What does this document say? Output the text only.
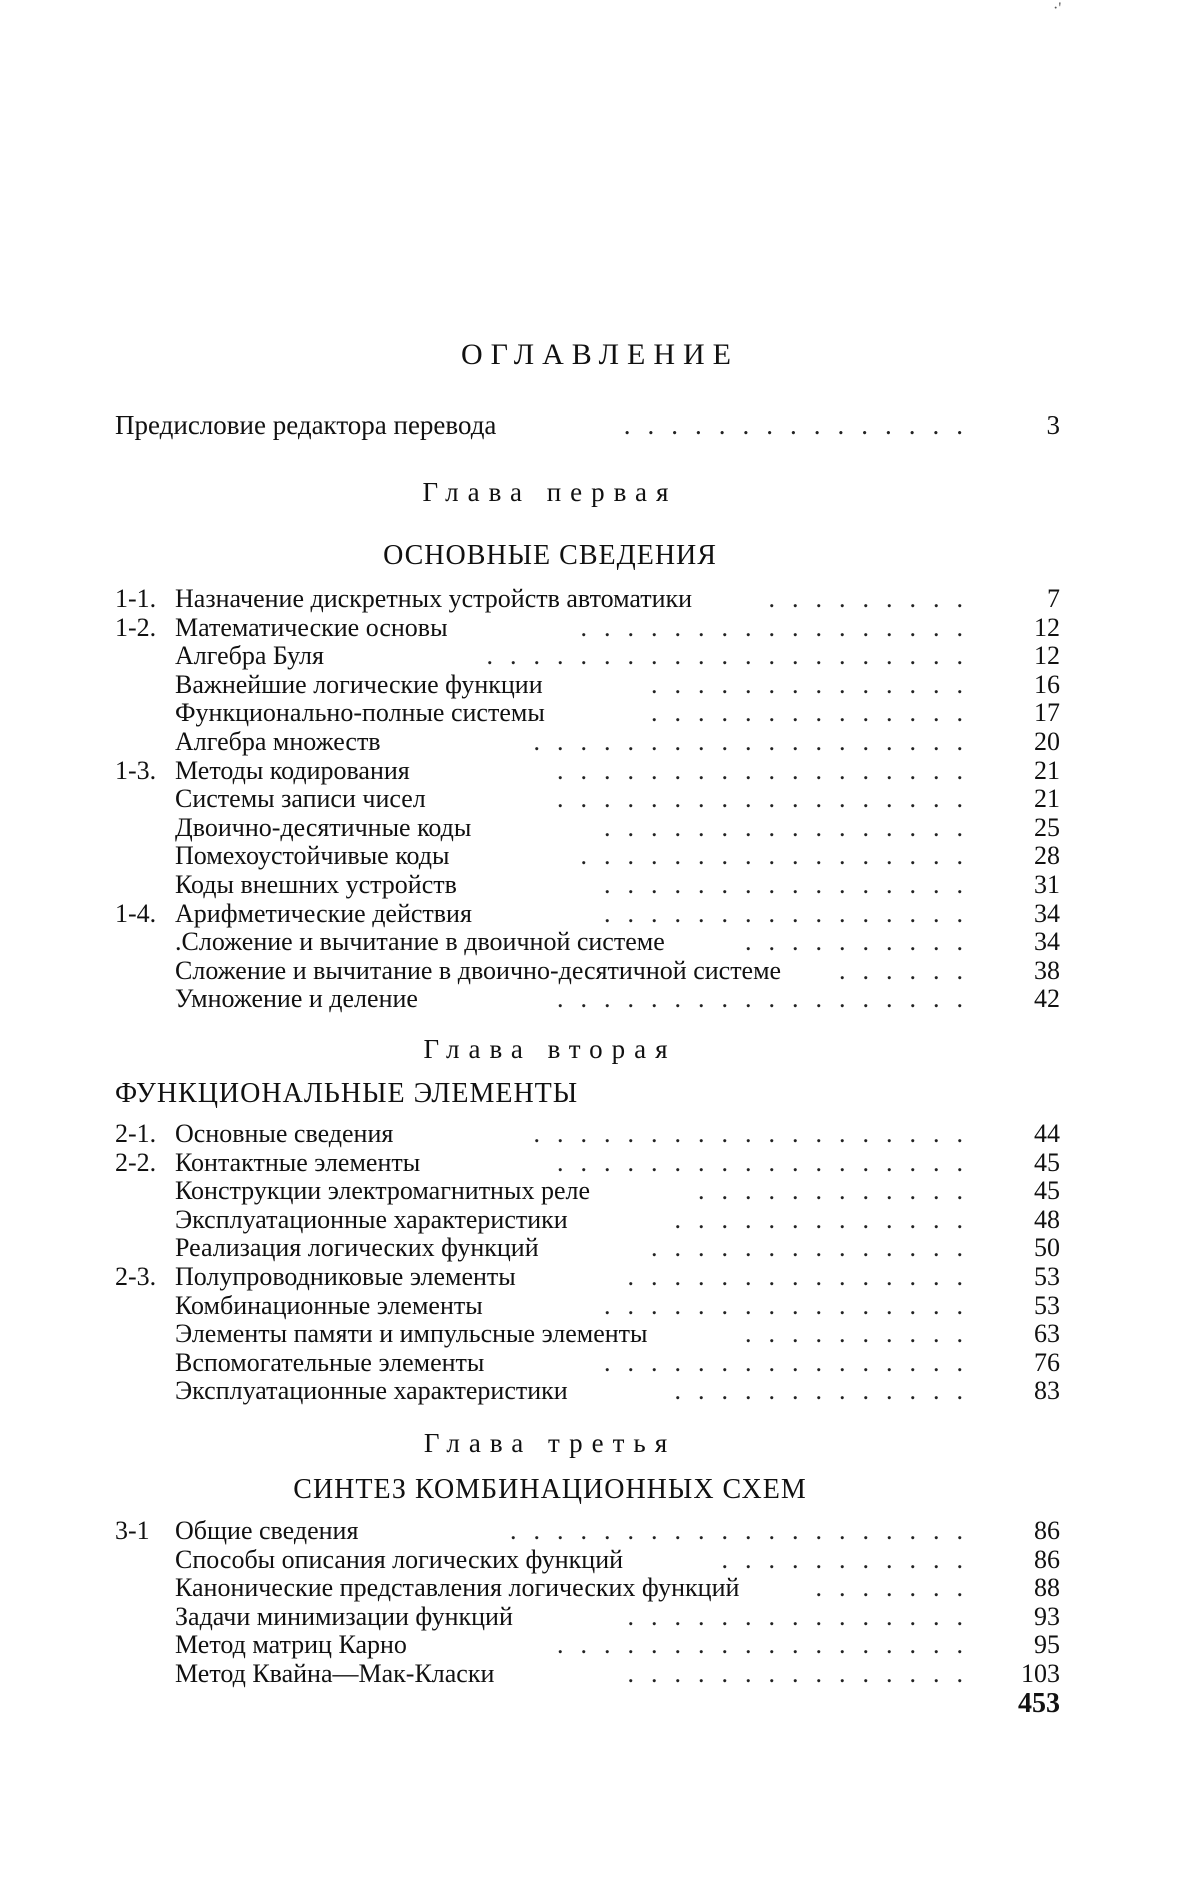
·'
ОГЛАВЛЕНИЕ
Предисловие редактора перевода	...............	3
Глава первая
ОСНОВНЫЕ СВЕДЕНИЯ
1-1. Назначение дискретных устройств автоматики	.........	7
1-2. Математические основы	.................	12
Алгебра Буля	.....................	12
Важнейшие логические функции	..............	16
Функционально-полные системы	..............	17
Алгебра множеств	...................	20
1-3. Методы кодирования	..................	21
Системы записи чисел	..................	21
Двоично-десятичные коды	................	25
Помехоустойчивые коды	.................	28
Коды внешних устройств	................	31
1-4. Арифметические действия	................	34
.Сложение и вычитание в двоичной системе	..........	34
Сложение и вычитание в двоично-десятичной системе ......	38
Умножение и деление	..................	42
Глава вторая
ФУНКЦИОНАЛЬНЫЕ ЭЛЕМЕНТЫ
2-1. Основные сведения	...................	44
2-2. Контактные элементы	..................	45
Конструкции электромагнитных реле	............	45
Эксплуатационные характеристики	.............	48
Реализация логических функций	..............	50
2-3. Полупроводниковые элементы	...............	53
Комбинационные элементы	................	53
Элементы памяти и импульсные элементы	..........	63
Вспомогательные элементы	................	76
Эксплуатационные характеристики	.............	83
Глава третья
СИНТЕЗ КОМБИНАЦИОННЫХ СХЕМ
3-1 Общие сведения	....................	86
Способы описания логических функций	...........	86
Канонические представления логических функций	.......	88
Задачи минимизации функций	...............	93
Метод матриц Карно	..................	95
Метод Квайна—Мак-Класки	...............	103
453
